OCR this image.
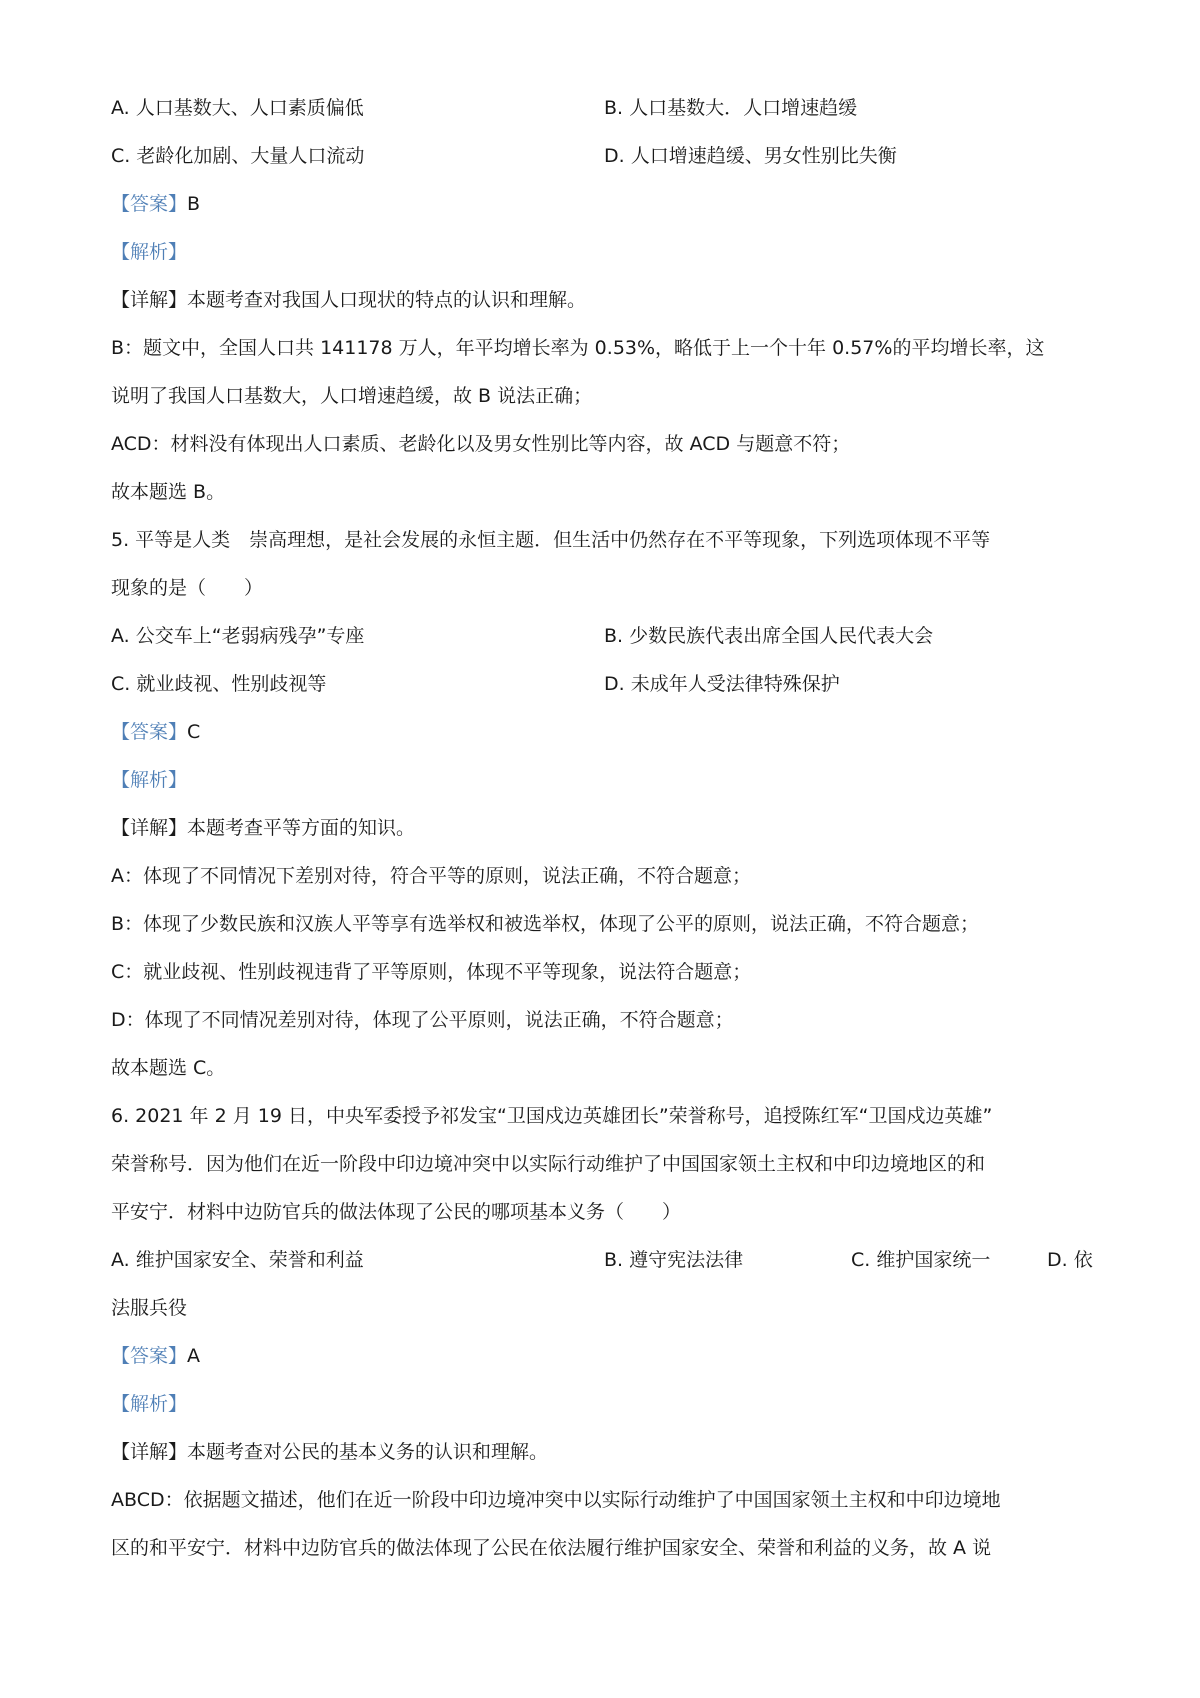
A. 人口基数大、人口素质偏低	B. 人口基数大．人口增速趋缓
C. 老龄化加剧、大量人口流动	D. 人口增速趋缓、男女性别比失衡
【答案】B
【解析】
【详解】本题考查对我国人口现状的特点的认识和理解。
B：题文中，全国人口共 141178 万人，年平均增长率为 0.53%，略低于上一个十年 0.57%的平均增长率，这
说明了我国人口基数大，人口增速趋缓，故 B 说法正确；
ACD：材料没有体现出人口素质、老龄化以及男女性别比等内容，故 ACD 与题意不符；
故本题选 B。
5. 平等是人类　崇高理想，是社会发展的永恒主题．但生活中仍然存在不平等现象，下列选项体现不平等
现象的是（　　）
A. 公交车上“老弱病残孕”专座	B. 少数民族代表出席全国人民代表大会
C. 就业歧视、性别歧视等	D. 未成年人受法律特殊保护
【答案】C
【解析】
【详解】本题考查平等方面的知识。
A：体现了不同情况下差别对待，符合平等的原则，说法正确，不符合题意；
B：体现了少数民族和汉族人平等享有选举权和被选举权，体现了公平的原则，说法正确，不符合题意；
C：就业歧视、性别歧视违背了平等原则，体现不平等现象，说法符合题意；
D：体现了不同情况差别对待，体现了公平原则，说法正确，不符合题意；
故本题选 C。
6. 2021 年 2 月 19 日，中央军委授予祁发宝“卫国戍边英雄团长”荣誉称号，追授陈红军“卫国戍边英雄”
荣誉称号．因为他们在近一阶段中印边境冲突中以实际行动维护了中国国家领土主权和中印边境地区的和
平安宁．材料中边防官兵的做法体现了公民的哪项基本义务（　　）
A. 维护国家安全、荣誉和利益	B. 遵守宪法法律	C. 维护国家统一	D. 依
法服兵役
【答案】A
【解析】
【详解】本题考查对公民的基本义务的认识和理解。
ABCD：依据题文描述，他们在近一阶段中印边境冲突中以实际行动维护了中国国家领土主权和中印边境地
区的和平安宁．材料中边防官兵的做法体现了公民在依法履行维护国家安全、荣誉和利益的义务，故 A 说
